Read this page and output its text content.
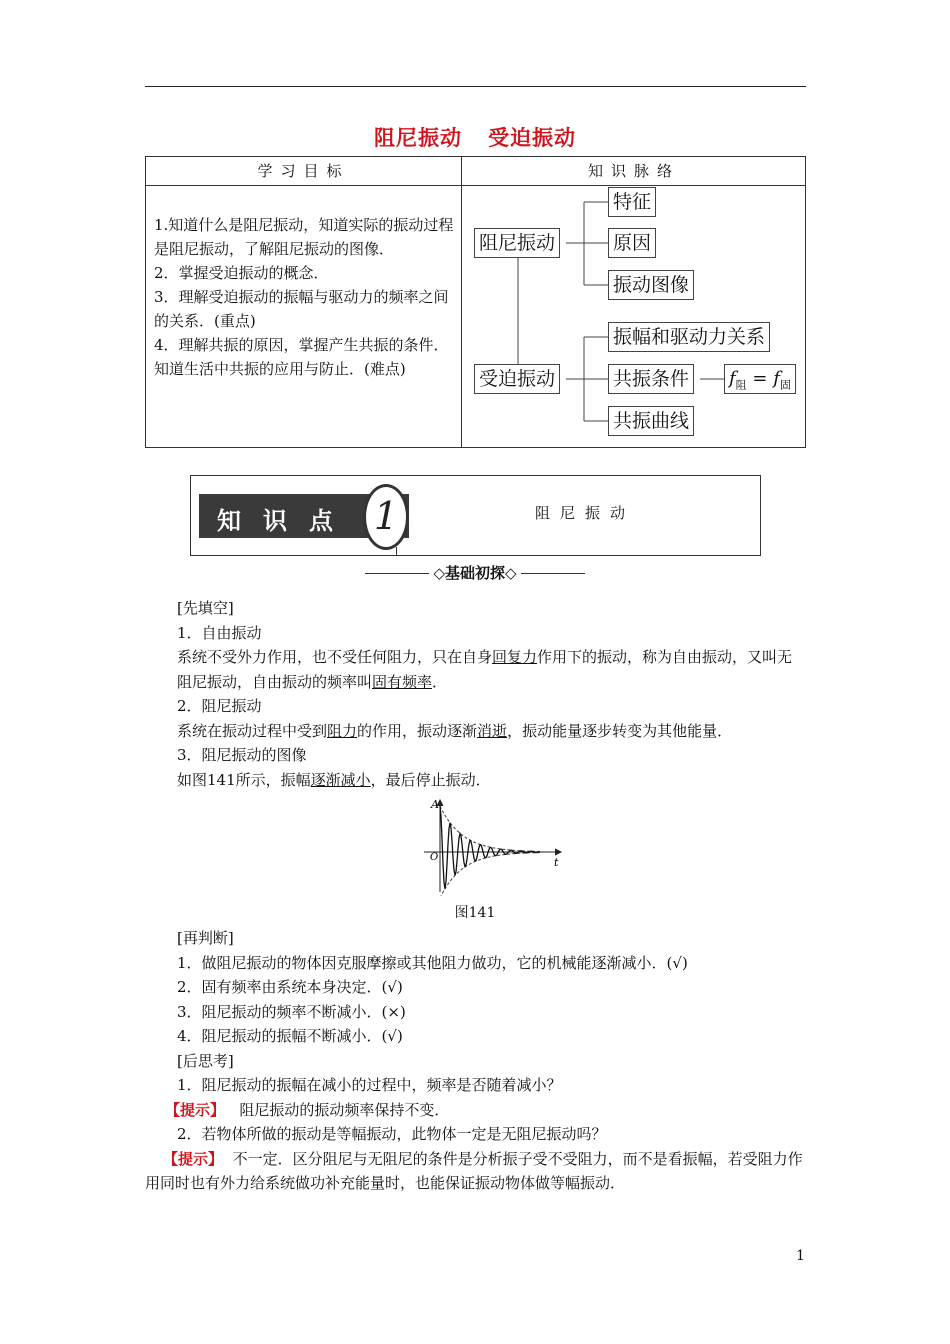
阻尼振动 受迫振动
学习目标	知识脉络

1.知道什么是阻尼振动，知道实际的振动过程是阻尼振动，了解阻尼振动的图像．

2．掌握受迫振动的概念．

3．理解受迫振动的振幅与驱动力的频率之间的关系．(重点)

4．理解共振的原因，掌握产生共振的条件．知道生活中共振的应用与防止．(难点)

阻尼振动
特征
原因
振动图像
受迫振动
振幅和驱动力关系
共振条件
共振曲线
$f_阻 = f_固$
知识点 1	阻尼振动
◇基础初探◇

[先填空]

1．自由振动

系统不受外力作用，也不受任何阻力，只在自身回复力作用下的振动，称为自由振动，又叫无阻尼振动，自由振动的频率叫固有频率．

2．阻尼振动

系统在振动过程中受到阻力的作用，振动逐渐消逝，振动能量逐步转变为其他能量．

3．阻尼振动的图像

如图141所示，振幅逐渐减小，最后停止振动．

A
t
O
图141

[再判断]

1．做阻尼振动的物体因克服摩擦或其他阻力做功，它的机械能逐渐减小．(√)

2．固有频率由系统本身决定．(√)

3．阻尼振动的频率不断减小．(×)

4．阻尼振动的振幅不断减小．(√)

[后思考]

1．阻尼振动的振幅在减小的过程中，频率是否随着减小？

【提示】 阻尼振动的振动频率保持不变．

2．若物体所做的振动是等幅振动，此物体一定是无阻尼振动吗？

【提示】 不一定．区分阻尼与无阻尼的条件是分析振子受不受阻力，而不是看振幅，若受阻力作用同时也有外力给系统做功补充能量时，也能保证振动物体做等幅振动．

1
